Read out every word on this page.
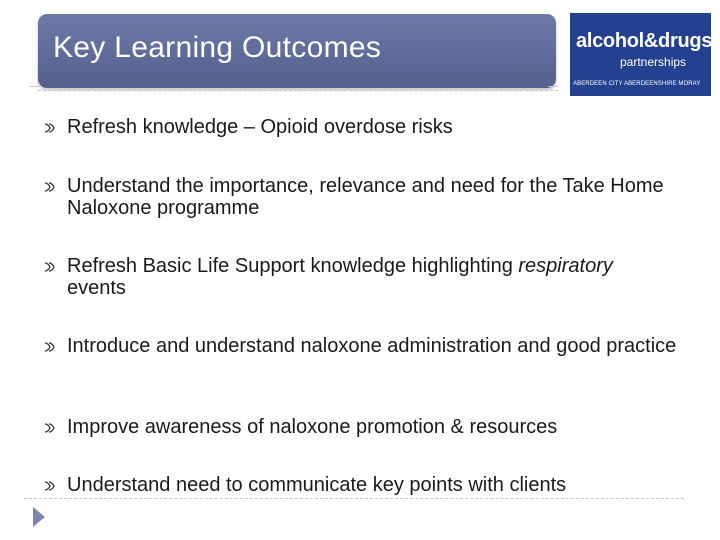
Key Learning Outcomes	alcohol&drugs
partnerships
ABERDEEN CITY ABERDEENSHIRE MORAY
Refresh knowledge – Opioid overdose risks
Understand the importance, relevance and need for the Take Home Naloxone programme
Refresh Basic Life Support knowledge highlighting respiratory events
Introduce and understand naloxone administration and good practice
Improve awareness of naloxone promotion & resources
Understand need to communicate key points with clients
